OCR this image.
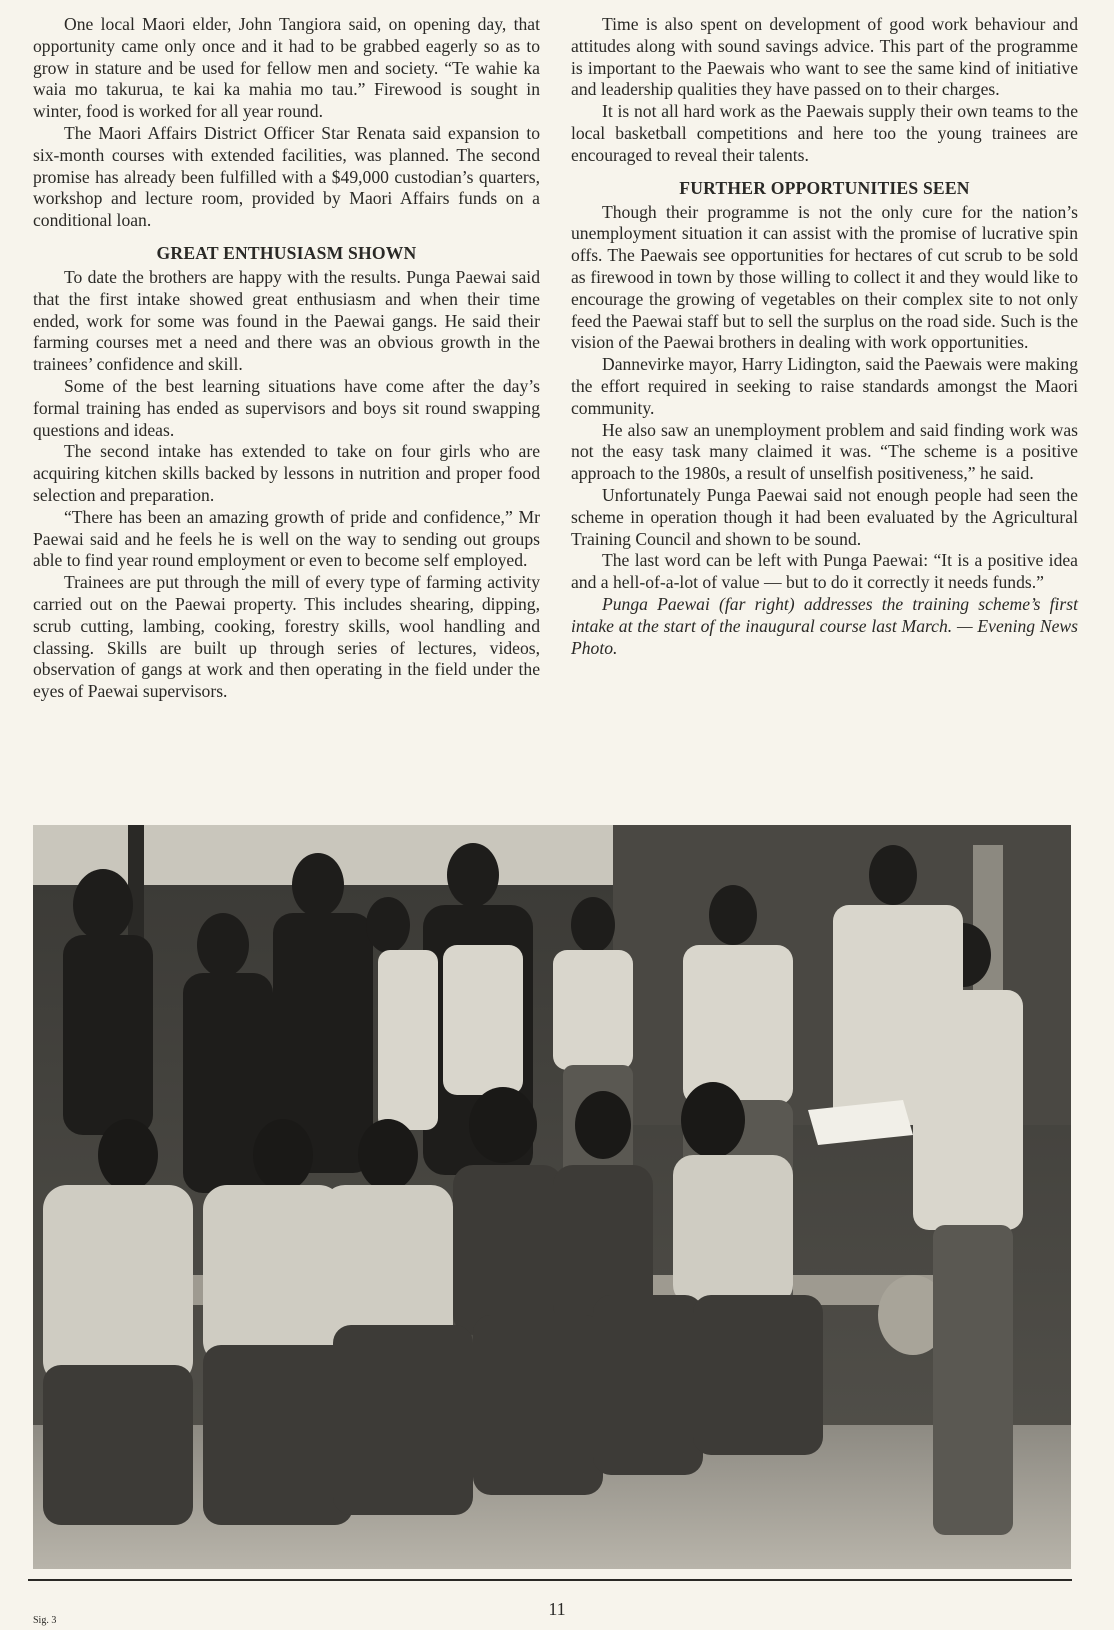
One local Maori elder, John Tangiora said, on opening day, that opportunity came only once and it had to be grabbed eagerly so as to grow in stature and be used for fellow men and society. “Te wahie ka waia mo takurua, te kai ka mahia mo tau.” Firewood is sought in winter, food is worked for all year round.

The Maori Affairs District Officer Star Renata said expansion to six-month courses with extended facilities, was planned. The second promise has already been fulfilled with a $49,000 custodian’s quarters, workshop and lecture room, provided by Maori Affairs funds on a conditional loan.

GREAT ENTHUSIASM SHOWN

To date the brothers are happy with the results. Punga Paewai said that the first intake showed great enthusiasm and when their time ended, work for some was found in the Paewai gangs. He said their farming courses met a need and there was an obvious growth in the trainees’ confidence and skill.

Some of the best learning situations have come after the day’s formal training has ended as supervisors and boys sit round swapping questions and ideas.

The second intake has extended to take on four girls who are acquiring kitchen skills backed by lessons in nutrition and proper food selection and preparation.

“There has been an amazing growth of pride and confidence,” Mr Paewai said and he feels he is well on the way to sending out groups able to find year round employment or even to become self employed.

Trainees are put through the mill of every type of farming activity carried out on the Paewai property. This includes shearing, dipping, scrub cutting, lambing, cooking, forestry skills, wool handling and classing. Skills are built up through series of lectures, videos, observation of gangs at work and then operating in the field under the eyes of Paewai supervisors.

Time is also spent on development of good work behaviour and attitudes along with sound savings advice. This part of the programme is important to the Paewais who want to see the same kind of initiative and leadership qualities they have passed on to their charges.

It is not all hard work as the Paewais supply their own teams to the local basketball competitions and here too the young trainees are encouraged to reveal their talents.

FURTHER OPPORTUNITIES SEEN

Though their programme is not the only cure for the nation’s unemployment situation it can assist with the promise of lucrative spin offs. The Paewais see opportunities for hectares of cut scrub to be sold as firewood in town by those willing to collect it and they would like to encourage the growing of vegetables on their complex site to not only feed the Paewai staff but to sell the surplus on the road side. Such is the vision of the Paewai brothers in dealing with work opportunities.

Dannevirke mayor, Harry Lidington, said the Paewais were making the effort required in seeking to raise standards amongst the Maori community.

He also saw an unemployment problem and said finding work was not the easy task many claimed it was. “The scheme is a positive approach to the 1980s, a result of unselfish positiveness,” he said.

Unfortunately Punga Paewai said not enough people had seen the scheme in operation though it had been evaluated by the Agricultural Training Council and shown to be sound.

The last word can be left with Punga Paewai: “It is a positive idea and a hell-of-a-lot of value — but to do it correctly it needs funds.”

Punga Paewai (far right) addresses the training scheme’s first intake at the start of the inaugural course last March. — Evening News Photo.

11
Sig. 3
